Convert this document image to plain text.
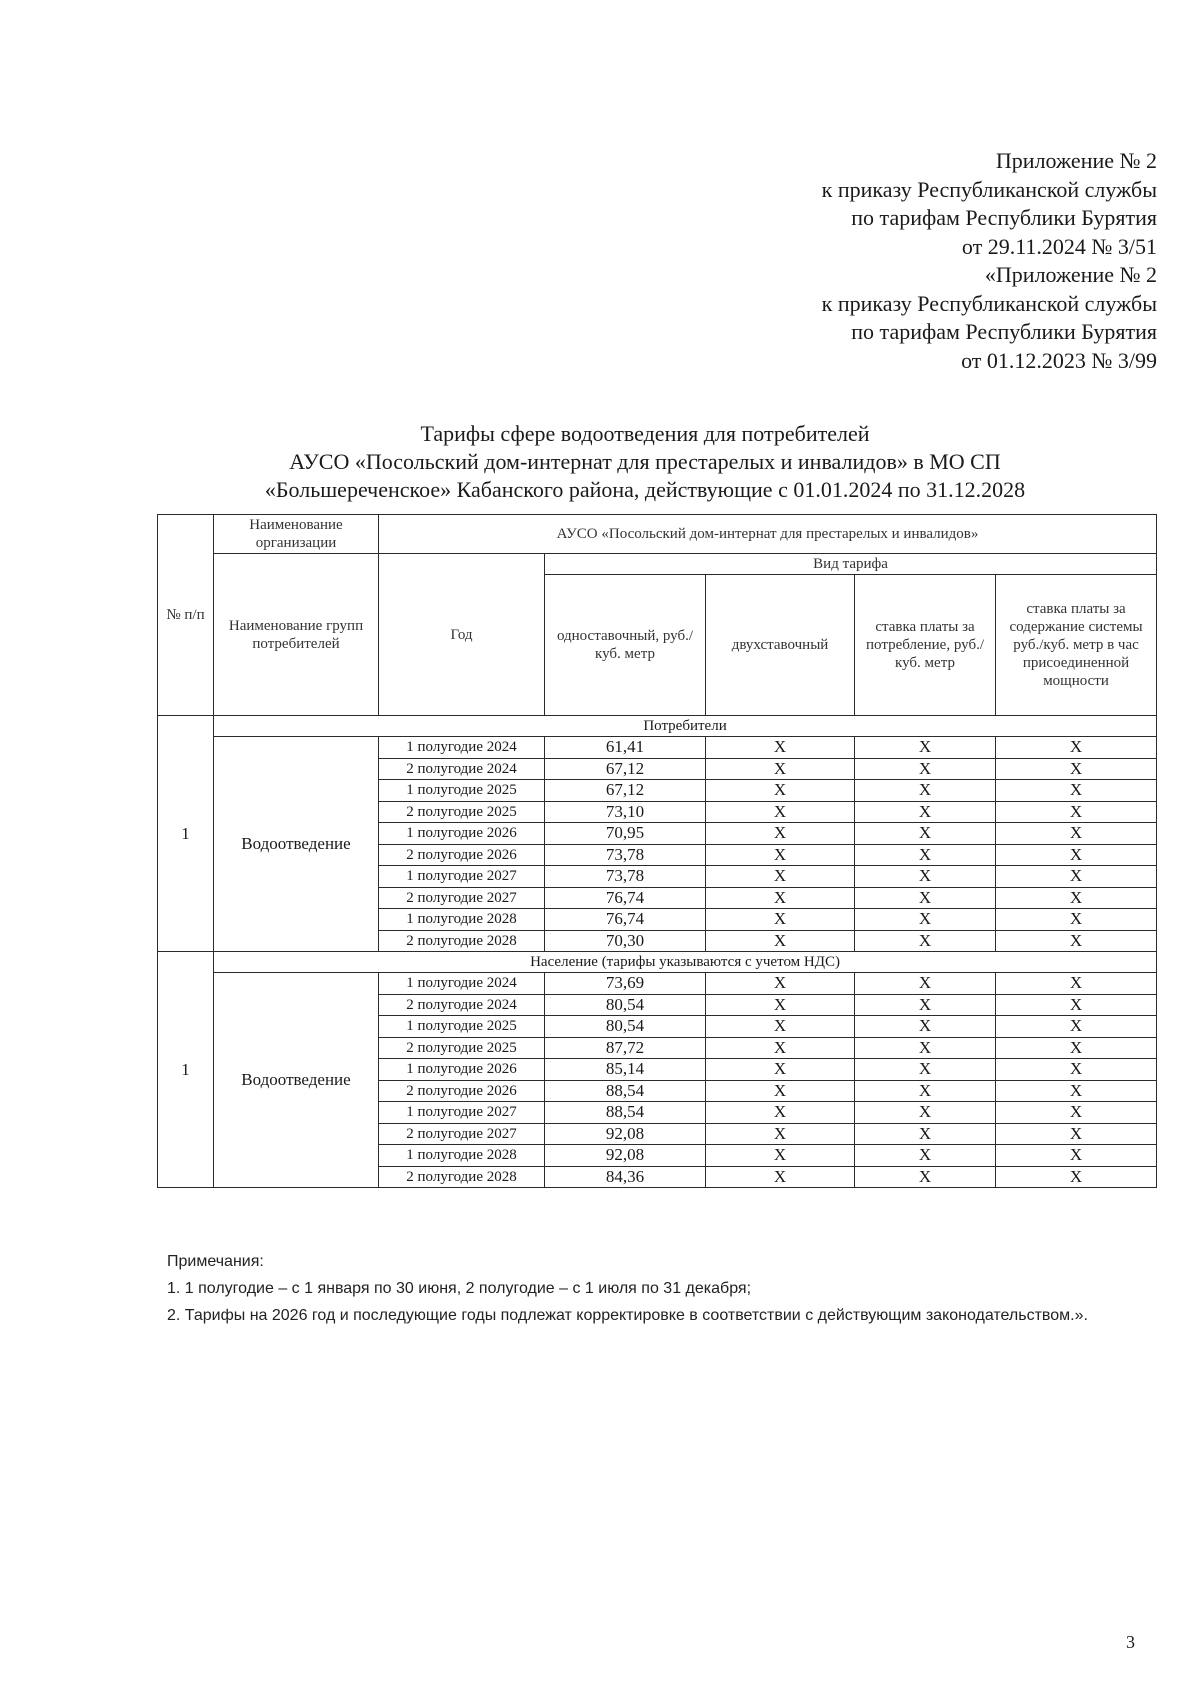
Приложение № 2
к приказу Республиканской службы
по тарифам Республики Бурятия
от 29.11.2024 № 3/51
«Приложение № 2
к приказу Республиканской службы
по тарифам Республики Бурятия
от 01.12.2023 № 3/99
Тарифы сфере водоотведения для потребителей
АУСО «Посольский дом-интернат для престарелых и инвалидов» в МО СП
«Большереченское» Кабанского района, действующие с 01.01.2024 по 31.12.2028
№ п/п	Наименование организации	АУСО «Посольский дом-интернат для престарелых и инвалидов»				
	Наименование групп потребителей	Год	Вид тарифа			
			одноставочный, руб./ куб. метр	двухставочный	ставка платы за потребление, руб./ куб. метр	ставка платы за содержание системы руб./куб. метр в час присоединенной мощности
1	Потребители					
	Водоотведение	1 полугодие 2024	61,41	X	X	X
		2 полугодие 2024	67,12	X	X	X
		1 полугодие 2025	67,12	X	X	X
		2 полугодие 2025	73,10	X	X	X
		1 полугодие 2026	70,95	X	X	X
		2 полугодие 2026	73,78	X	X	X
		1 полугодие 2027	73,78	X	X	X
		2 полугодие 2027	76,74	X	X	X
		1 полугодие 2028	76,74	X	X	X
		2 полугодие 2028	70,30	X	X	X
1	Население (тарифы указываются с учетом НДС)					
	Водоотведение	1 полугодие 2024	73,69	X	X	X
		2 полугодие 2024	80,54	X	X	X
		1 полугодие 2025	80,54	X	X	X
		2 полугодие 2025	87,72	X	X	X
		1 полугодие 2026	85,14	X	X	X
		2 полугодие 2026	88,54	X	X	X
		1 полугодие 2027	88,54	X	X	X
		2 полугодие 2027	92,08	X	X	X
		1 полугодие 2028	92,08	X	X	X
		2 полугодие 2028	84,36	X	X	X
Примечания:
1. 1 полугодие – с 1 января по 30 июня, 2 полугодие – с 1 июля по 31 декабря;
2. Тарифы на 2026 год и последующие годы подлежат корректировке в соответствии с действующим законодательством.».
3
